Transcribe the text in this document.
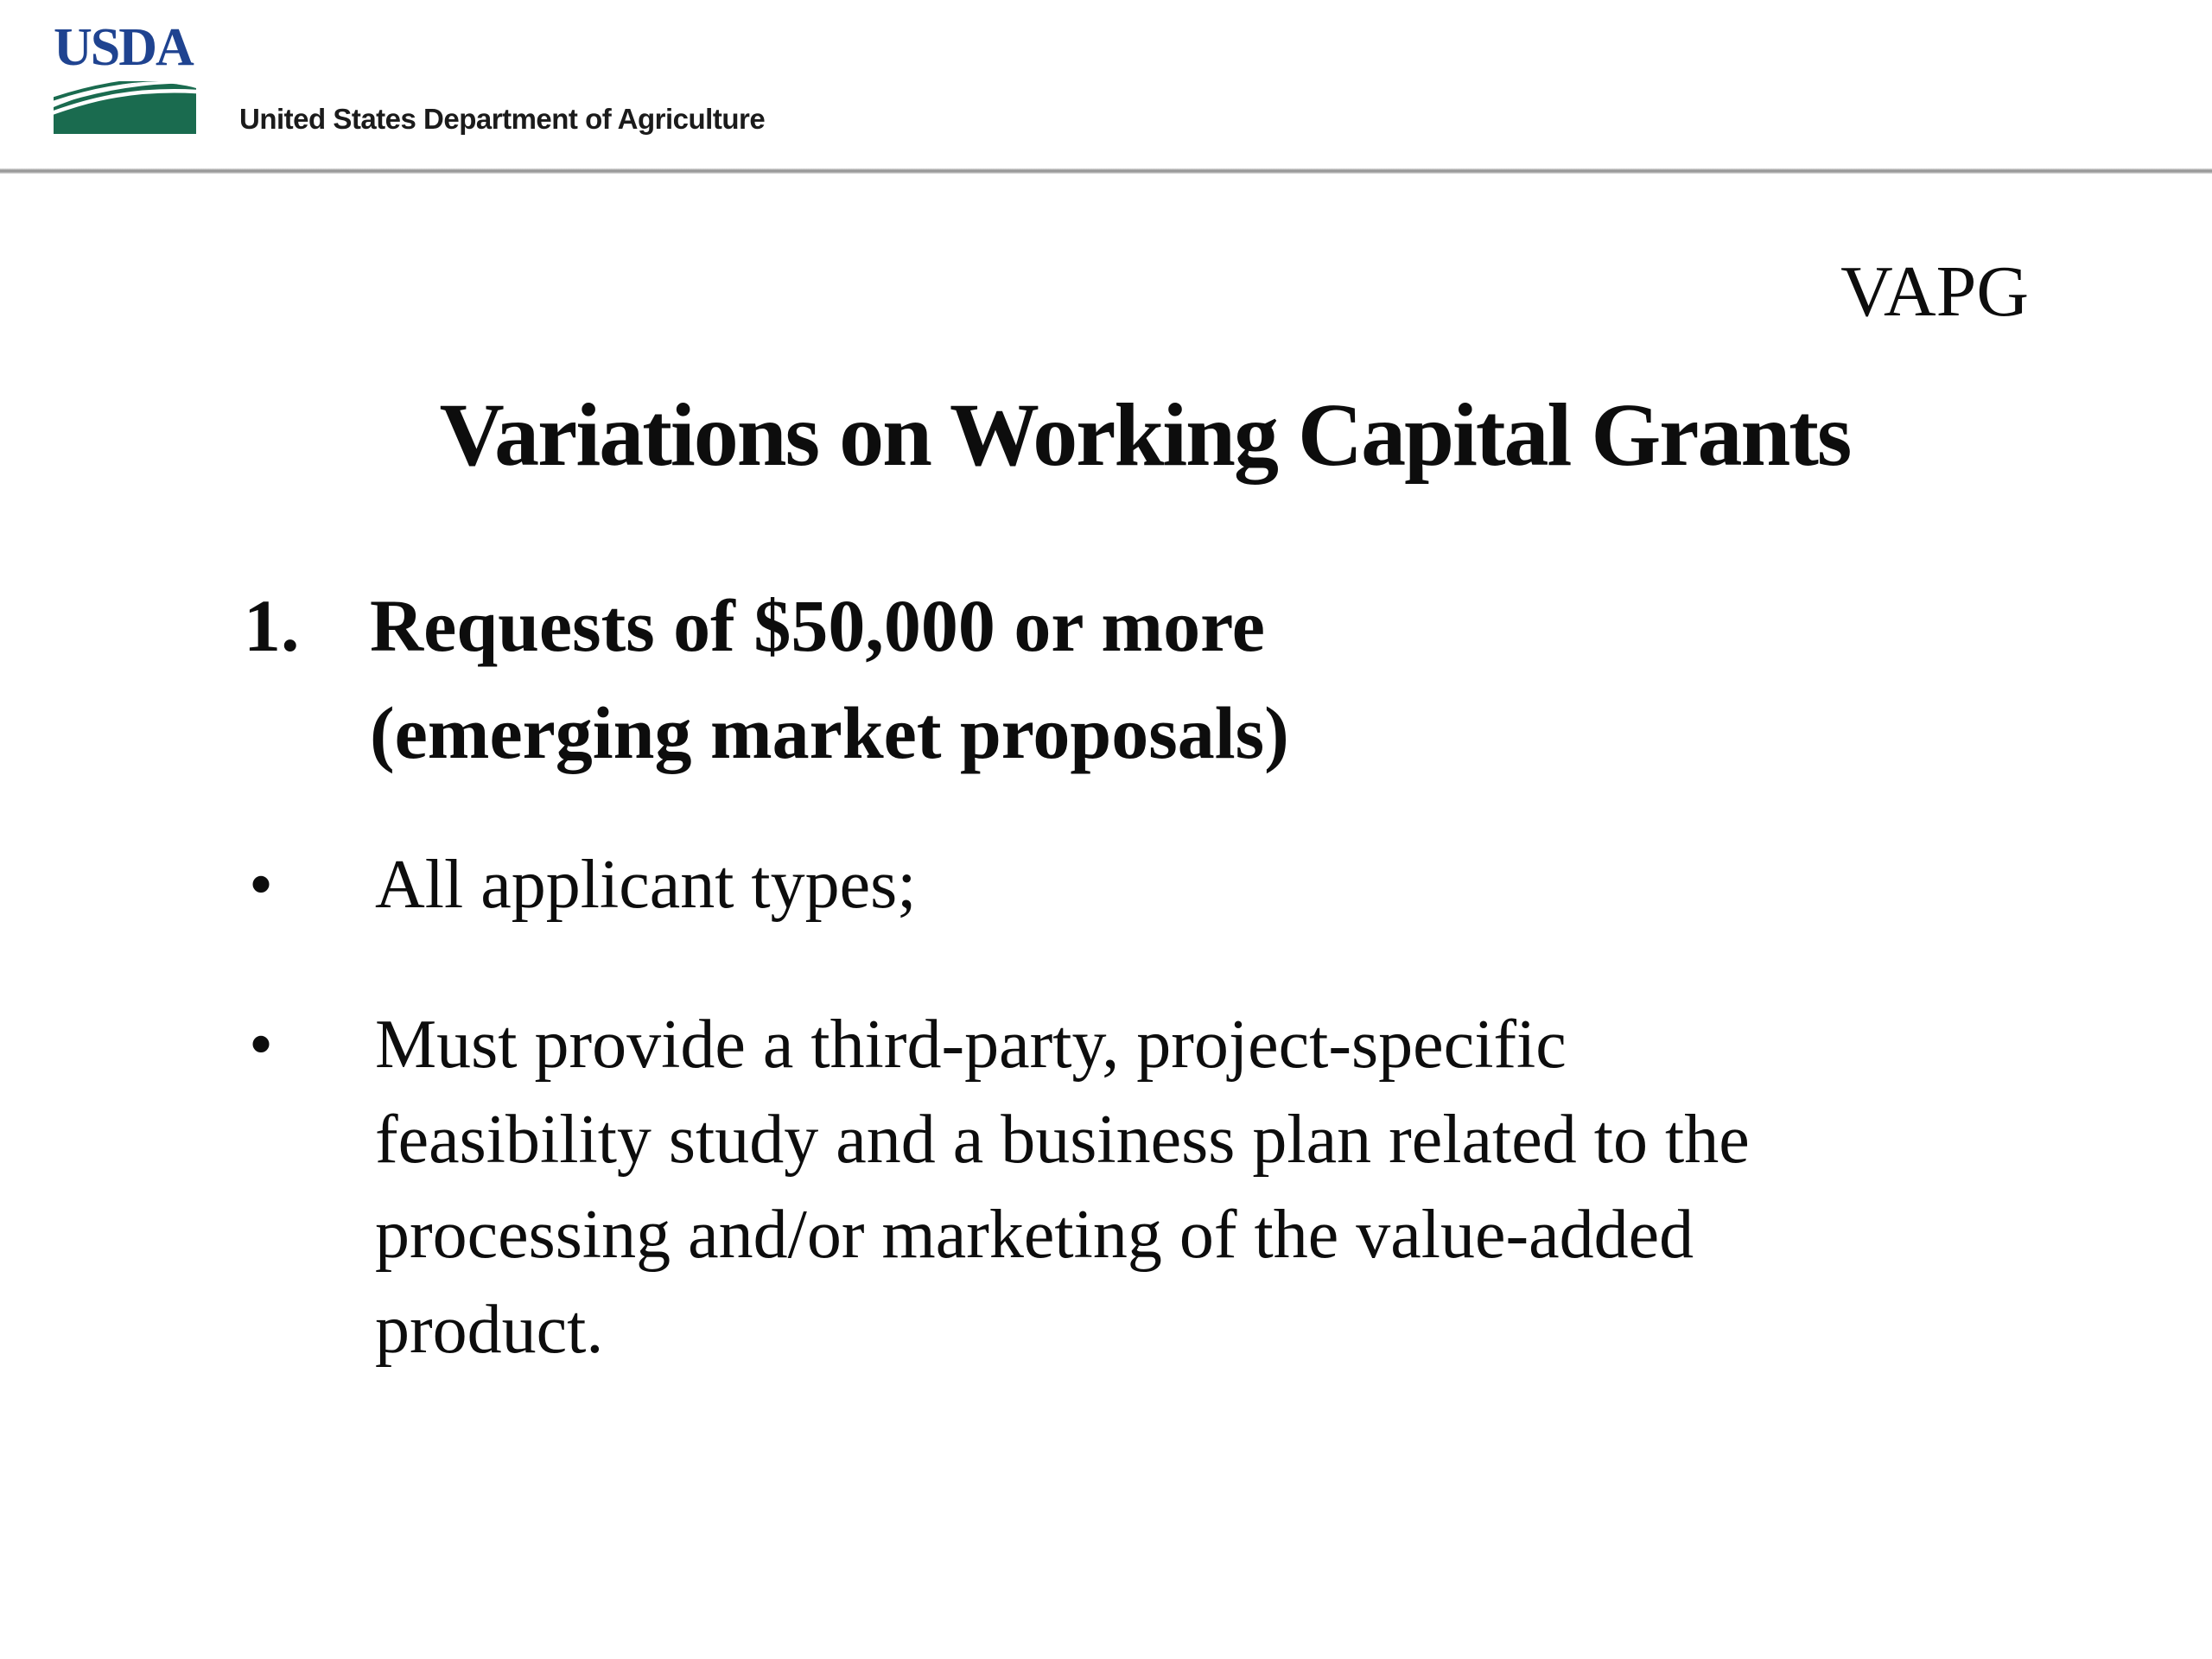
USDA
United States Department of Agriculture
VAPG
Variations on Working Capital Grants
1. Requests of $50,000 or more
(emerging market proposals)
•	All applicant types;
•	Must provide a third-party, project-specific
feasibility study and a business plan related to the
processing and/or marketing of the value-added
product.
